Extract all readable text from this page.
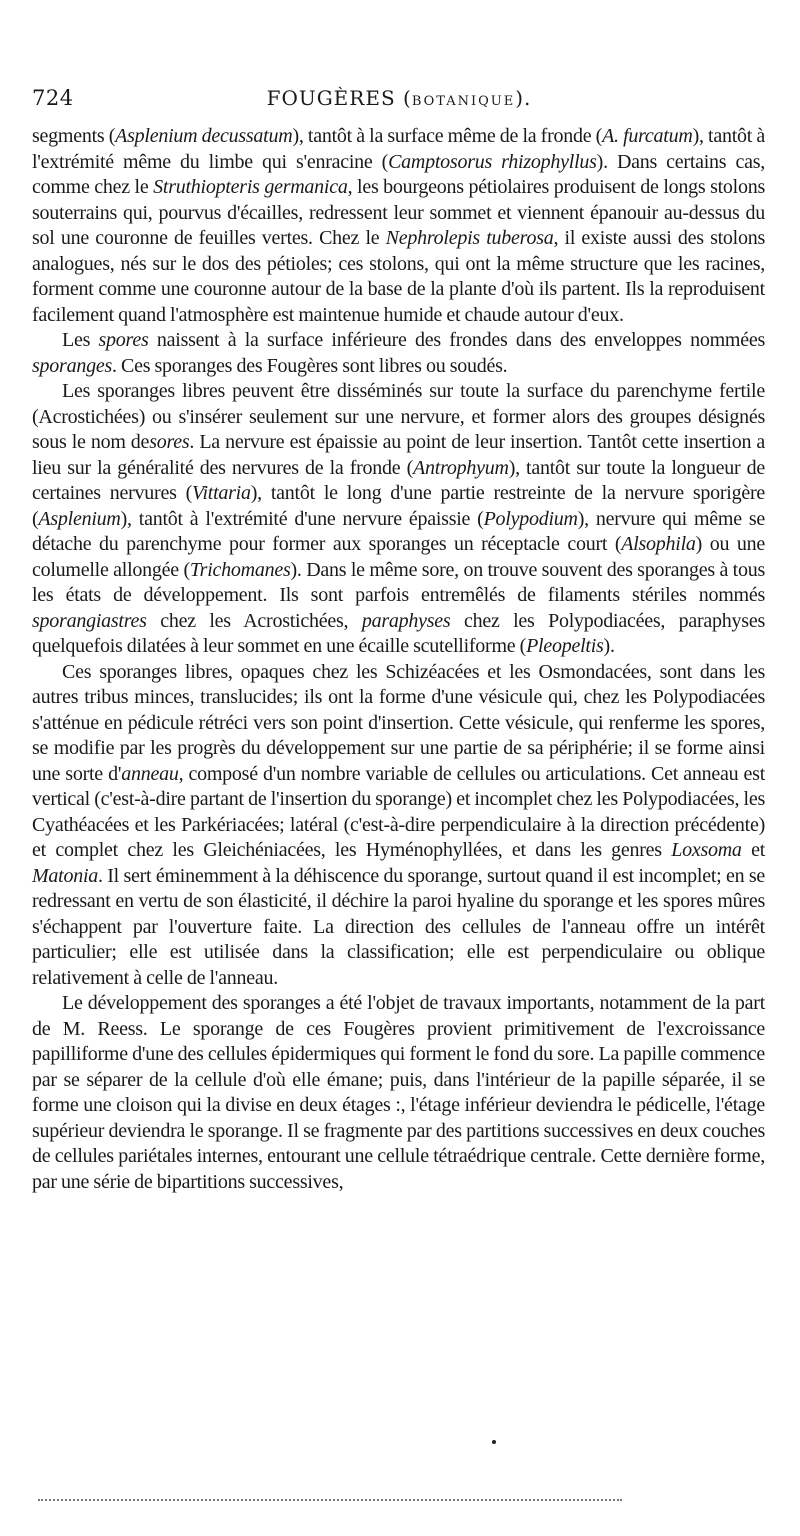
724	FOUGÈRES (BOTANIQUE).

segments (Asplenium decussatum), tantôt à la surface même de la fronde (A. furcatum), tantôt à l'extrémité même du limbe qui s'enracine (Camptosorus rhizophyllus). Dans certains cas, comme chez le Struthiopteris germanica, les bourgeons pétiolaires produisent de longs stolons souterrains qui, pourvus d'écailles, redressent leur sommet et viennent épanouir au-dessus du sol une couronne de feuilles vertes. Chez le Nephrolepis tuberosa, il existe aussi des stolons analogues, nés sur le dos des pétioles; ces stolons, qui ont la même structure que les racines, forment comme une couronne autour de la base de la plante d'où ils partent. Ils la reproduisent facilement quand l'atmosphère est maintenue humide et chaude autour d'eux.

Les spores naissent à la surface inférieure des frondes dans des enveloppes nommées sporanges. Ces sporanges des Fougères sont libres ou soudés.

Les sporanges libres peuvent être disséminés sur toute la surface du parenchyme fertile (Acrostichées) ou s'insérer seulement sur une nervure, et former alors des groupes désignés sous le nom desores. La nervure est épaissie au point de leur insertion. Tantôt cette insertion a lieu sur la généralité des nervures de la fronde (Antrophyum), tantôt sur toute la longueur de certaines nervures (Vittaria), tantôt le long d'une partie restreinte de la nervure sporigère (Asplenium), tantôt à l'extrémité d'une nervure épaissie (Polypodium), nervure qui même se détache du parenchyme pour former aux sporanges un réceptacle court (Alsophila) ou une columelle allongée (Trichomanes). Dans le même sore, on trouve souvent des sporanges à tous les états de développement. Ils sont parfois entremêlés de filaments stériles nommés sporangiastres chez les Acrostichées, paraphyses chez les Polypodiacées, paraphyses quelquefois dilatées à leur sommet en une écaille scutelliforme (Pleopeltis).

Ces sporanges libres, opaques chez les Schizéacées et les Osmondacées, sont dans les autres tribus minces, translucides; ils ont la forme d'une vésicule qui, chez les Polypodiacées s'atténue en pédicule rétréci vers son point d'insertion. Cette vésicule, qui renferme les spores, se modifie par les progrès du développement sur une partie de sa périphérie; il se forme ainsi une sorte d'anneau, composé d'un nombre variable de cellules ou articulations. Cet anneau est vertical (c'est-à-dire partant de l'insertion du sporange) et incomplet chez les Polypodiacées, les Cyathéacées et les Parkériacées; latéral (c'est-à-dire perpendiculaire à la direction précédente) et complet chez les Gleichéniacées, les Hyménophyllées, et dans les genres Loxsoma et Matonia. Il sert éminemment à la déhiscence du sporange, surtout quand il est incomplet; en se redressant en vertu de son élasticité, il déchire la paroi hyaline du sporange et les spores mûres s'échappent par l'ouverture faite. La direction des cellules de l'anneau offre un intérêt particulier; elle est utilisée dans la classification; elle est perpendiculaire ou oblique relativement à celle de l'anneau.

Le développement des sporanges a été l'objet de travaux importants, notamment de la part de M. Reess. Le sporange de ces Fougères provient primitivement de l'excroissance papilliforme d'une des cellules épidermiques qui forment le fond du sore. La papille commence par se séparer de la cellule d'où elle émane; puis, dans l'intérieur de la papille séparée, il se forme une cloison qui la divise en deux étages :, l'étage inférieur deviendra le pédicelle, l'étage supérieur deviendra le sporange. Il se fragmente par des partitions successives en deux couches de cellules pariétales internes, entourant une cellule tétraédrique centrale. Cette dernière forme, par une série de bipartitions successives,
